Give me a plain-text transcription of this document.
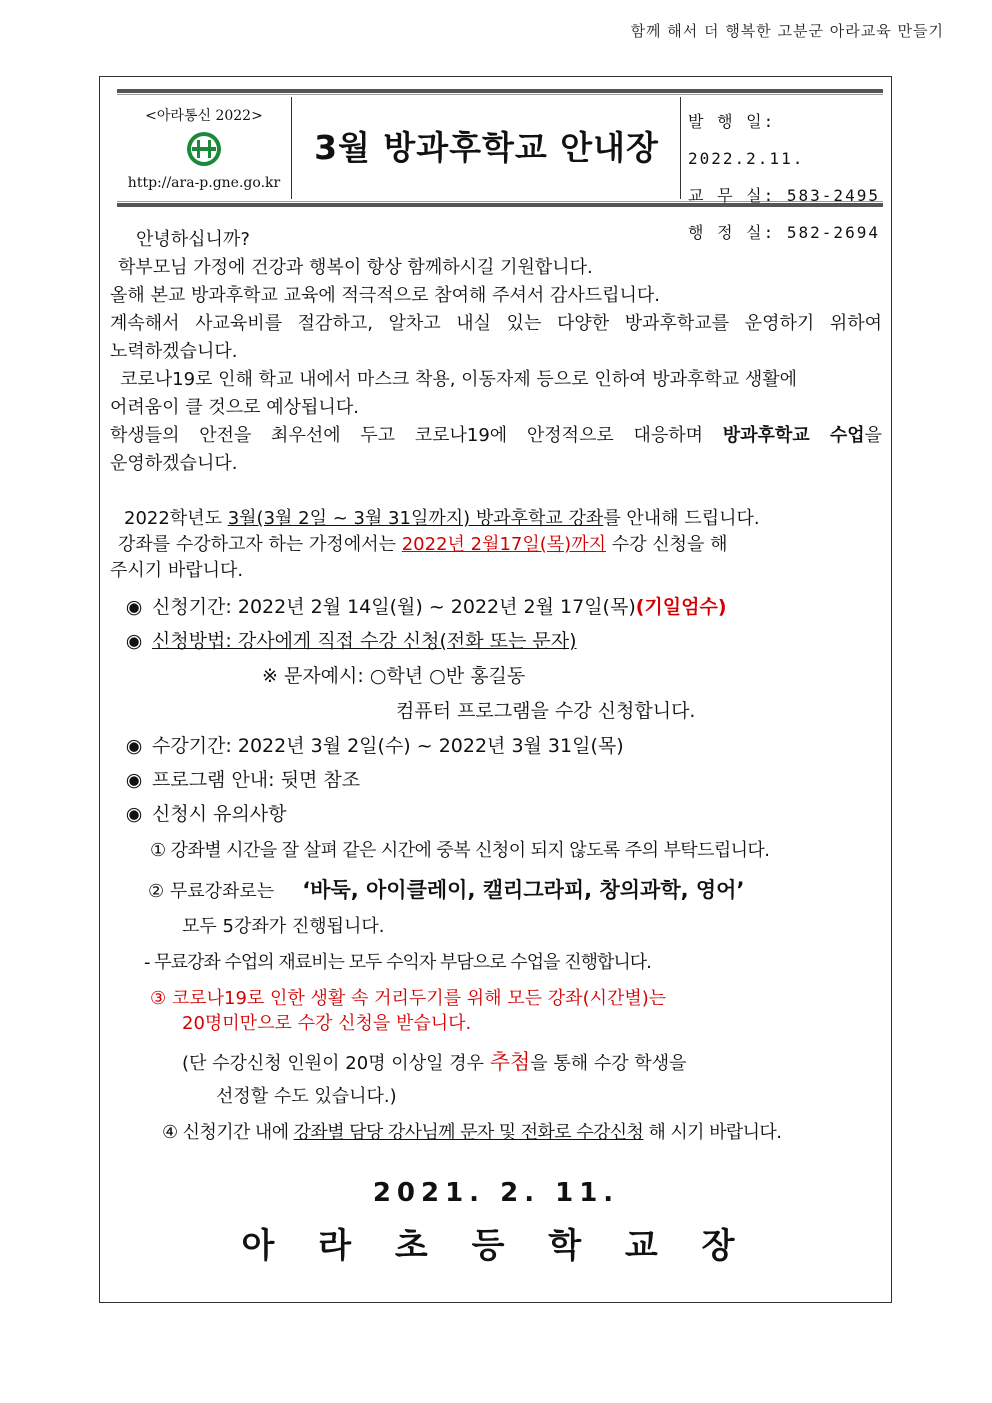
함께 해서 더 행복한 고분군 아라교육 만들기
<아라통신 2022>
http://ara-p.gne.go.kr
3월 방과후학교 안내장
발 행 일: 2022.2.11.
교 무 실: 583-2495
행 정 실: 582-2694

안녕하십니까?

학부모님 가정에 건강과 행복이 항상 함께하시길 기원합니다.

올해 본교 방과후학교 교육에 적극적으로 참여해 주셔서 감사드립니다.

계속해서 사교육비를 절감하고, 알차고 내실 있는 다양한 방과후학교를 운영하기 위하여

노력하겠습니다.

코로나19로 인해 학교 내에서 마스크 착용, 이동자제 등으로 인하여 방과후학교 생활에

어려움이 클 것으로 예상됩니다.

학생들의 안전을 최우선에 두고 코로나19에 안정적으로 대응하며 방과후학교 수업을

운영하겠습니다.

2022학년도 3월(3월 2일 ~ 3월 31일까지) 방과후학교 강좌를 안내해 드립니다.
강좌를 수강하고자 하는 가정에서는 2022년 2월17일(목)까지 수강 신청을 해
주시기 바랍니다.
◉ 신청기간: 2022년 2월 14일(월) ~ 2022년 2월 17일(목)(기일엄수)
◉ 신청방법: 강사에게 직접 수강 신청(전화 또는 문자)
※ 문자예시: ○학년 ○반 홍길동
컴퓨터 프로그램을 수강 신청합니다.
◉ 수강기간: 2022년 3월 2일(수) ~ 2022년 3월 31일(목)
◉ 프로그램 안내: 뒷면 참조
◉ 신청시 유의사항
① 강좌별 시간을 잘 살펴 같은 시간에 중복 신청이 되지 않도록 주의 부탁드립니다.
② 무료강좌로는 ‘바둑, 아이클레이, 캘리그라피, 창의과학, 영어’
모두 5강좌가 진행됩니다.
- 무료강좌 수업의 재료비는 모두 수익자 부담으로 수업을 진행합니다.
③ 코로나19로 인한 생활 속 거리두기를 위해 모든 강좌(시간별)는
20명미만으로 수강 신청을 받습니다.
(단 수강신청 인원이 20명 이상일 경우 추첨을 통해 수강 학생을
선정할 수도 있습니다.)
④ 신청기간 내에 강좌별 담당 강사님께 문자 및 전화로 수강신청 해 시기 바랍니다.
2021. 2. 11.
아 라 초 등 학 교 장
